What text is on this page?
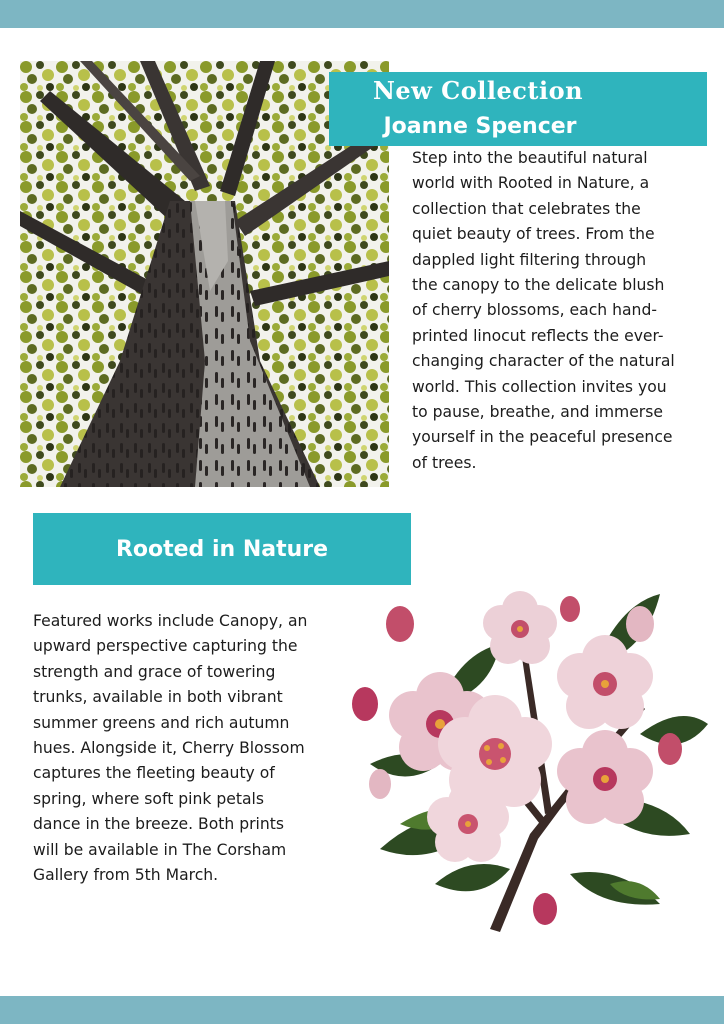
New Collection
Joanne Spencer

Step into the beautiful natural
world with Rooted in Nature, a
collection that celebrates the
quiet beauty of trees. From the
dappled light filtering through
the canopy to the delicate blush
of cherry blossoms, each hand-
printed linocut reflects the ever-
changing character of the natural
world. This collection invites you
to pause, breathe, and immerse
yourself in the peaceful presence
of trees.

Rooted in Nature

Featured works include Canopy, an
upward perspective capturing the
strength and grace of towering
trunks, available in both vibrant
summer greens and rich autumn
hues. Alongside it, Cherry Blossom
captures the fleeting beauty of
spring, where soft pink petals
dance in the breeze. Both prints
will be available in The Corsham
Gallery from 5th March.
